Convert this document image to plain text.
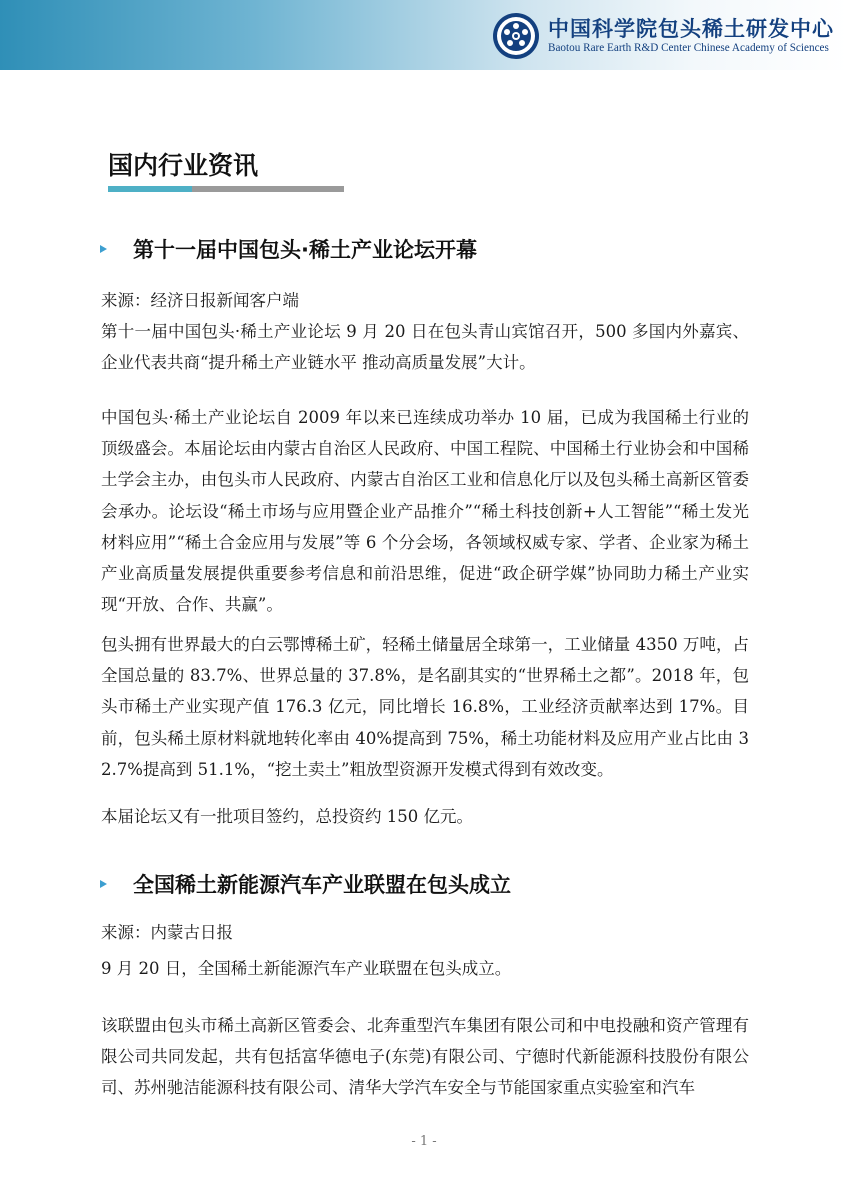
中国科学院包头稀土研发中心
Baotou Rare Earth R&D Center Chinese Academy of Sciences
国内行业资讯
第十一届中国包头·稀土产业论坛开幕
来源：经济日报新闻客户端

第十一届中国包头·稀土产业论坛 9 月 20 日在包头青山宾馆召开，500 多国内外嘉宾、企业代表共商“提升稀土产业链水平 推动高质量发展”大计。

中国包头·稀土产业论坛自 2009 年以来已连续成功举办 10 届，已成为我国稀土行业的顶级盛会。本届论坛由内蒙古自治区人民政府、中国工程院、中国稀土行业协会和中国稀土学会主办，由包头市人民政府、内蒙古自治区工业和信息化厅以及包头稀土高新区管委会承办。论坛设“稀土市场与应用暨企业产品推介”“稀土科技创新+人工智能”“稀土发光材料应用”“稀土合金应用与发展”等 6 个分会场，各领域权威专家、学者、企业家为稀土产业高质量发展提供重要参考信息和前沿思维，促进“政企研学媒”协同助力稀土产业实现“开放、合作、共赢”。

包头拥有世界最大的白云鄂博稀土矿，轻稀土储量居全球第一，工业储量 4350 万吨，占全国总量的 83.7%、世界总量的 37.8%，是名副其实的“世界稀土之都”。2018 年，包头市稀土产业实现产值 176.3 亿元，同比增长 16.8%，工业经济贡献率达到 17%。目前，包头稀土原材料就地转化率由 40%提高到 75%，稀土功能材料及应用产业占比由 32.7%提高到 51.1%，“挖土卖土”粗放型资源开发模式得到有效改变。

本届论坛又有一批项目签约，总投资约 150 亿元。

全国稀土新能源汽车产业联盟在包头成立
来源：内蒙古日报

9 月 20 日，全国稀土新能源汽车产业联盟在包头成立。

该联盟由包头市稀土高新区管委会、北奔重型汽车集团有限公司和中电投融和资产管理有限公司共同发起，共有包括富华德电子(东莞)有限公司、宁德时代新能源科技股份有限公司、苏州驰洁能源科技有限公司、清华大学汽车安全与节能国家重点实验室和汽车

- 1 -
